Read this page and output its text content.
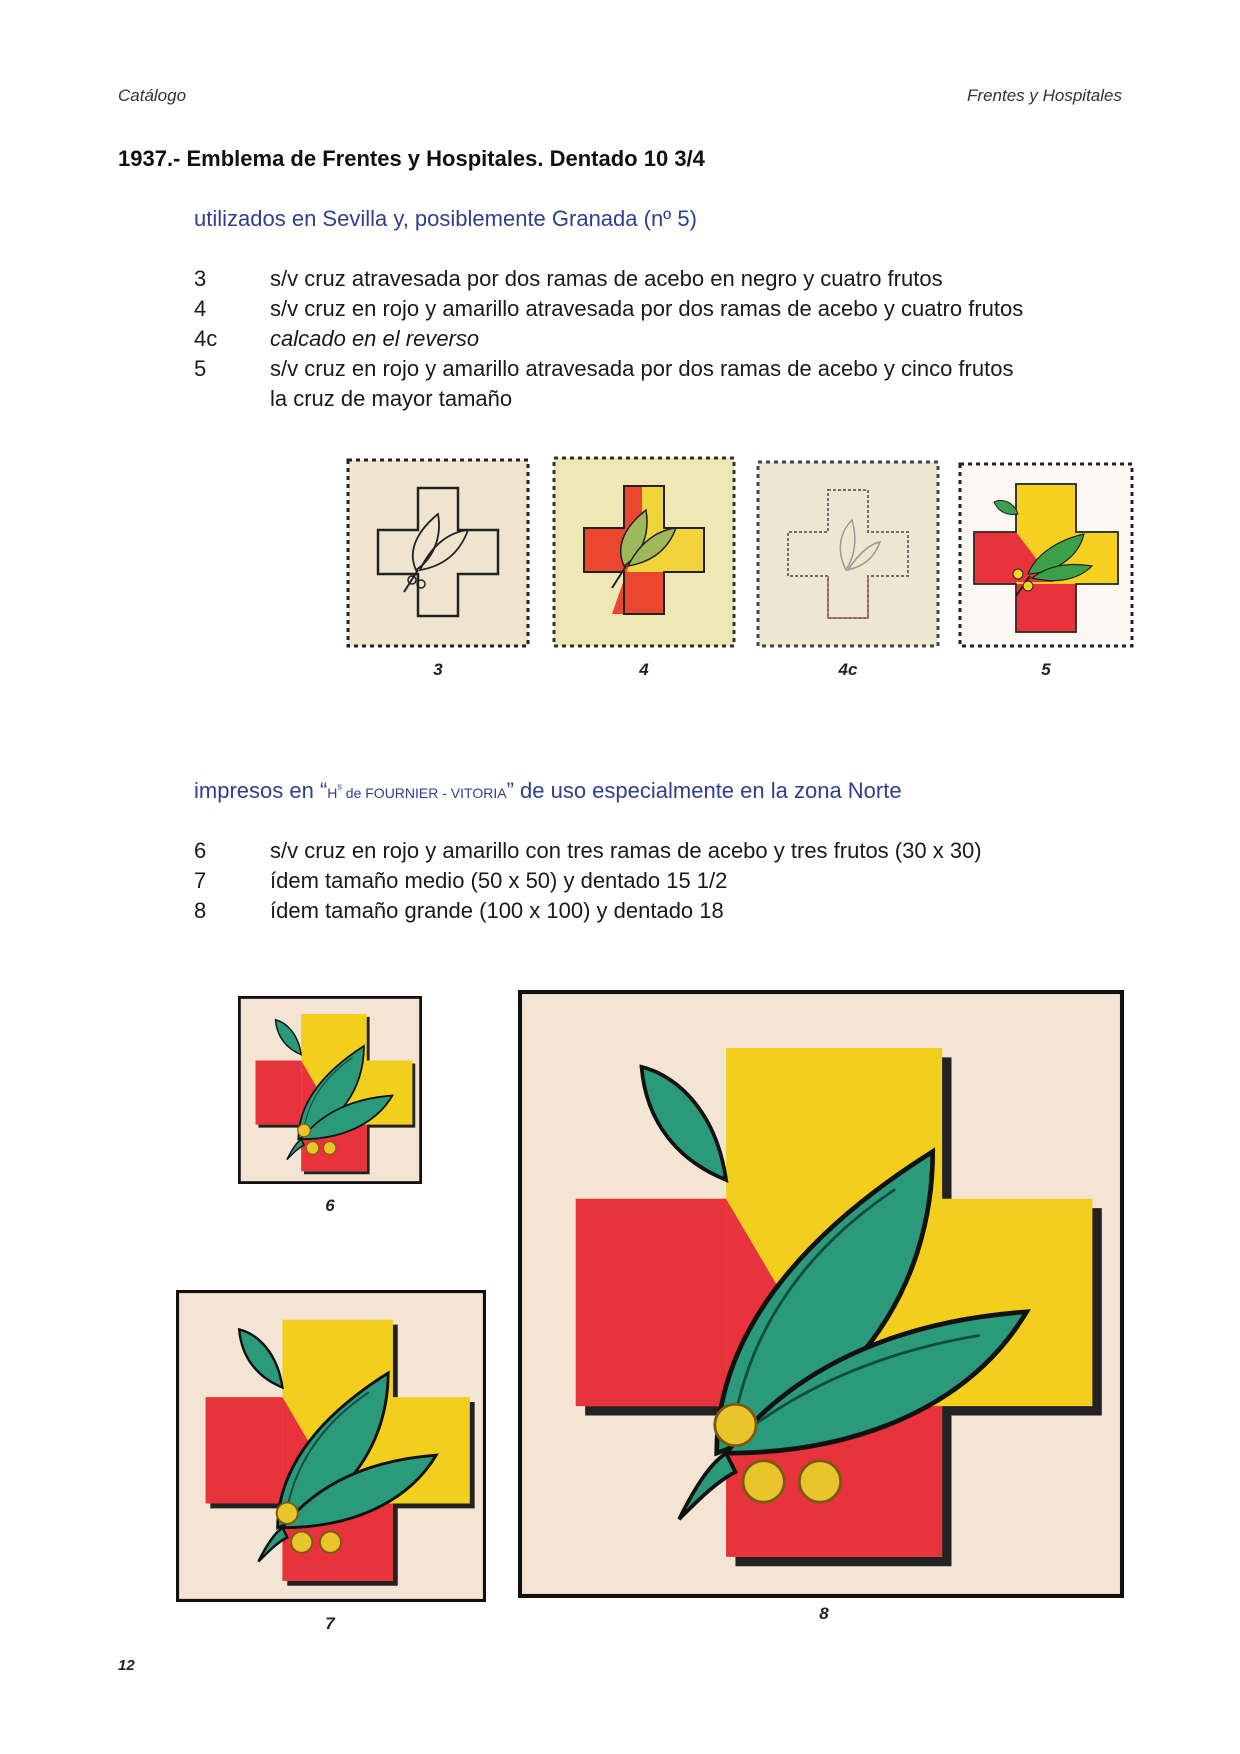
Catálogo	Frentes y Hospitales
1937.- Emblema de Frentes y Hospitales. Dentado 10 3/4
utilizados en Sevilla y, posiblemente Granada (nº 5)
3	s/v cruz atravesada por dos ramas de acebo en negro y cuatro frutos
4	s/v cruz en rojo y amarillo atravesada por dos ramas de acebo y cuatro frutos
4c	calcado en el reverso
5	s/v cruz en rojo y amarillo atravesada por dos ramas de acebo y cinco frutos
la cruz de mayor tamaño
3	4	4c	5
impresos en “$H^s$ de FOURNIER - VITORIA” de uso especialmente en la zona Norte
6	s/v cruz en rojo y amarillo con tres ramas de acebo y tres frutos (30 x 30)
7	ídem tamaño medio (50 x 50) y dentado 15 1/2
8	ídem tamaño grande (100 x 100) y dentado 18
6
7
8
12
